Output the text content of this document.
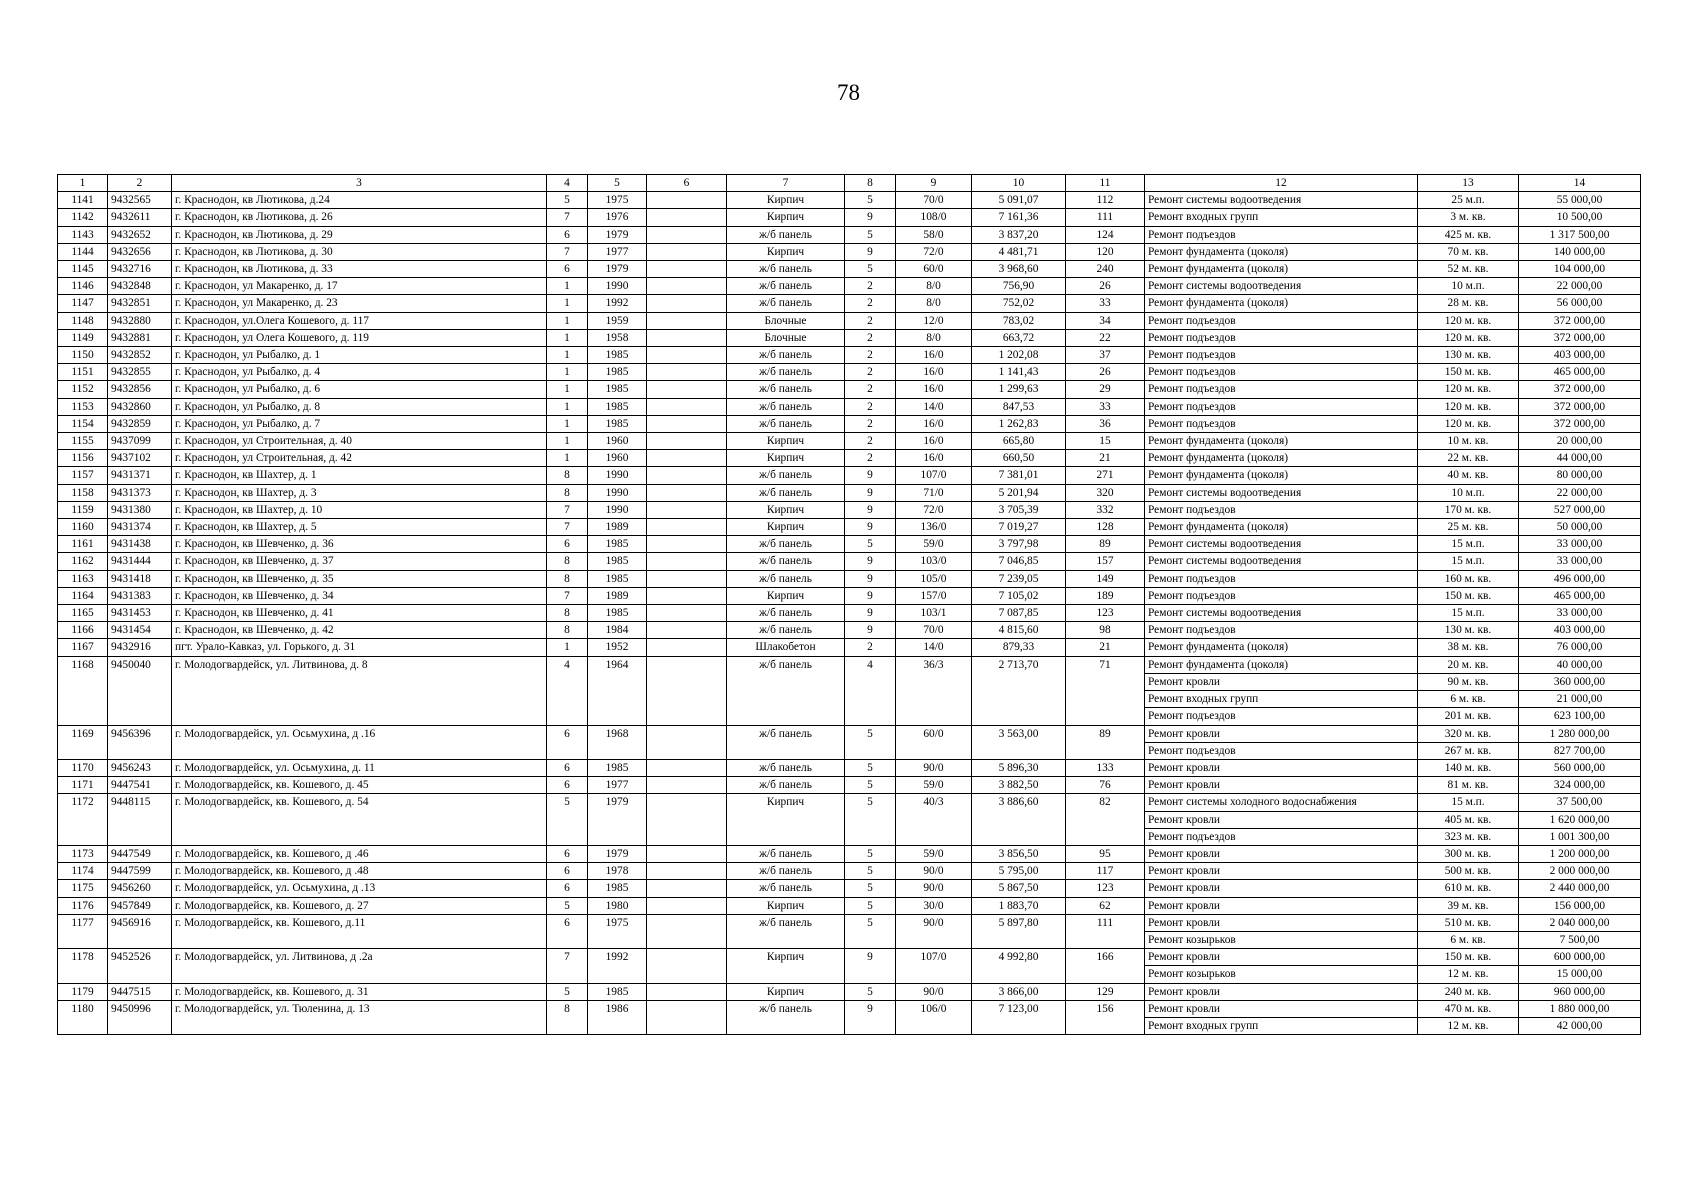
78
1	2	3	4	5	6	7	8	9	10	11	12	13	14
1141	9432565	г. Краснодон, кв Лютикова, д.24	5	1975		Кирпич	5	70/0	5 091,07	112	Ремонт системы водоотведения	25 м.п.	55 000,00
1142	9432611	г. Краснодон, кв Лютикова, д. 26	7	1976		Кирпич	9	108/0	7 161,36	111	Ремонт входных групп	3 м. кв.	10 500,00
1143	9432652	г. Краснодон, кв Лютикова, д. 29	6	1979		ж/б панель	5	58/0	3 837,20	124	Ремонт подъездов	425 м. кв.	1 317 500,00
1144	9432656	г. Краснодон, кв Лютикова, д. 30	7	1977		Кирпич	9	72/0	4 481,71	120	Ремонт фундамента (цоколя)	70 м. кв.	140 000,00
1145	9432716	г. Краснодон, кв Лютикова, д. 33	6	1979		ж/б панель	5	60/0	3 968,60	240	Ремонт фундамента (цоколя)	52 м. кв.	104 000,00
1146	9432848	г. Краснодон, ул Макаренко, д. 17	1	1990		ж/б панель	2	8/0	756,90	26	Ремонт системы водоотведения	10 м.п.	22 000,00
1147	9432851	г. Краснодон, ул Макаренко, д. 23	1	1992		ж/б панель	2	8/0	752,02	33	Ремонт фундамента (цоколя)	28 м. кв.	56 000,00
1148	9432880	г. Краснодон, ул.Олега Кошевого, д. 117	1	1959		Блочные	2	12/0	783,02	34	Ремонт подъездов	120 м. кв.	372 000,00
1149	9432881	г. Краснодон, ул Олега Кошевого, д. 119	1	1958		Блочные	2	8/0	663,72	22	Ремонт подъездов	120 м. кв.	372 000,00
1150	9432852	г. Краснодон, ул Рыбалко, д. 1	1	1985		ж/б панель	2	16/0	1 202,08	37	Ремонт подъездов	130 м. кв.	403 000,00
1151	9432855	г. Краснодон, ул Рыбалко, д. 4	1	1985		ж/б панель	2	16/0	1 141,43	26	Ремонт подъездов	150 м. кв.	465 000,00
1152	9432856	г. Краснодон, ул Рыбалко, д. 6	1	1985		ж/б панель	2	16/0	1 299,63	29	Ремонт подъездов	120 м. кв.	372 000,00
1153	9432860	г. Краснодон, ул Рыбалко, д. 8	1	1985		ж/б панель	2	14/0	847,53	33	Ремонт подъездов	120 м. кв.	372 000,00
1154	9432859	г. Краснодон, ул Рыбалко, д. 7	1	1985		ж/б панель	2	16/0	1 262,83	36	Ремонт подъездов	120 м. кв.	372 000,00
1155	9437099	г. Краснодон, ул Строительная, д. 40	1	1960		Кирпич	2	16/0	665,80	15	Ремонт фундамента (цоколя)	10 м. кв.	20 000,00
1156	9437102	г. Краснодон, ул Строительная, д. 42	1	1960		Кирпич	2	16/0	660,50	21	Ремонт фундамента (цоколя)	22 м. кв.	44 000,00
1157	9431371	г. Краснодон, кв Шахтер, д. 1	8	1990		ж/б панель	9	107/0	7 381,01	271	Ремонт фундамента (цоколя)	40 м. кв.	80 000,00
1158	9431373	г. Краснодон, кв Шахтер, д. 3	8	1990		ж/б панель	9	71/0	5 201,94	320	Ремонт системы водоотведения	10 м.п.	22 000,00
1159	9431380	г. Краснодон, кв Шахтер, д. 10	7	1990		Кирпич	9	72/0	3 705,39	332	Ремонт подъездов	170 м. кв.	527 000,00
1160	9431374	г. Краснодон, кв Шахтер, д. 5	7	1989		Кирпич	9	136/0	7 019,27	128	Ремонт фундамента (цоколя)	25 м. кв.	50 000,00
1161	9431438	г. Краснодон, кв Шевченко, д. 36	6	1985		ж/б панель	5	59/0	3 797,98	89	Ремонт системы водоотведения	15 м.п.	33 000,00
1162	9431444	г. Краснодон, кв Шевченко, д. 37	8	1985		ж/б панель	9	103/0	7 046,85	157	Ремонт системы водоотведения	15 м.п.	33 000,00
1163	9431418	г. Краснодон, кв Шевченко, д. 35	8	1985		ж/б панель	9	105/0	7 239,05	149	Ремонт подъездов	160 м. кв.	496 000,00
1164	9431383	г. Краснодон, кв Шевченко, д. 34	7	1989		Кирпич	9	157/0	7 105,02	189	Ремонт подъездов	150 м. кв.	465 000,00
1165	9431453	г. Краснодон, кв Шевченко, д. 41	8	1985		ж/б панель	9	103/1	7 087,85	123	Ремонт системы водоотведения	15 м.п.	33 000,00
1166	9431454	г. Краснодон, кв Шевченко, д. 42	8	1984		ж/б панель	9	70/0	4 815,60	98	Ремонт подъездов	130 м. кв.	403 000,00
1167	9432916	пгт. Урало-Кавказ, ул. Горького, д. 31	1	1952		Шлакобетон	2	14/0	879,33	21	Ремонт фундамента (цоколя)	38 м. кв.	76 000,00
1168	9450040	г. Молодогвардейск, ул. Литвинова, д. 8	4	1964		ж/б панель	4	36/3	2 713,70	71	Ремонт фундамента (цоколя)	20 м. кв.	40 000,00
											Ремонт кровли	90 м. кв.	360 000,00
											Ремонт входных групп	6 м. кв.	21 000,00
											Ремонт подъездов	201 м. кв.	623 100,00
1169	9456396	г. Молодогвардейск, ул. Осьмухина, д .16	6	1968		ж/б панель	5	60/0	3 563,00	89	Ремонт кровли	320 м. кв.	1 280 000,00
											Ремонт подъездов	267 м. кв.	827 700,00
1170	9456243	г. Молодогвардейск, ул. Осьмухина, д. 11	6	1985		ж/б панель	5	90/0	5 896,30	133	Ремонт кровли	140 м. кв.	560 000,00
1171	9447541	г. Молодогвардейск, кв. Кошевого, д. 45	6	1977		ж/б панель	5	59/0	3 882,50	76	Ремонт кровли	81 м. кв.	324 000,00
1172	9448115	г. Молодогвардейск, кв. Кошевого, д. 54	5	1979		Кирпич	5	40/3	3 886,60	82	Ремонт системы холодного водоснабжения	15 м.п.	37 500,00
											Ремонт кровли	405 м. кв.	1 620 000,00
											Ремонт подъездов	323 м. кв.	1 001 300,00
1173	9447549	г. Молодогвардейск, кв. Кошевого, д .46	6	1979		ж/б панель	5	59/0	3 856,50	95	Ремонт кровли	300 м. кв.	1 200 000,00
1174	9447599	г. Молодогвардейск, кв. Кошевого, д .48	6	1978		ж/б панель	5	90/0	5 795,00	117	Ремонт кровли	500 м. кв.	2 000 000,00
1175	9456260	г. Молодогвардейск, ул. Осьмухина, д .13	6	1985		ж/б панель	5	90/0	5 867,50	123	Ремонт кровли	610 м. кв.	2 440 000,00
1176	9457849	г. Молодогвардейск, кв. Кошевого, д. 27	5	1980		Кирпич	5	30/0	1 883,70	62	Ремонт кровли	39 м. кв.	156 000,00
1177	9456916	г. Молодогвардейск, кв. Кошевого, д.11	6	1975		ж/б панель	5	90/0	5 897,80	111	Ремонт кровли	510 м. кв.	2 040 000,00
											Ремонт козырьков	6 м. кв.	7 500,00
1178	9452526	г. Молодогвардейск, ул. Литвинова, д .2а	7	1992		Кирпич	9	107/0	4 992,80	166	Ремонт кровли	150 м. кв.	600 000,00
											Ремонт козырьков	12 м. кв.	15 000,00
1179	9447515	г. Молодогвардейск, кв. Кошевого, д. 31	5	1985		Кирпич	5	90/0	3 866,00	129	Ремонт кровли	240 м. кв.	960 000,00
1180	9450996	г. Молодогвардейск, ул. Тюленина, д. 13	8	1986		ж/б панель	9	106/0	7 123,00	156	Ремонт кровли	470 м. кв.	1 880 000,00
											Ремонт входных групп	12 м. кв.	42 000,00
